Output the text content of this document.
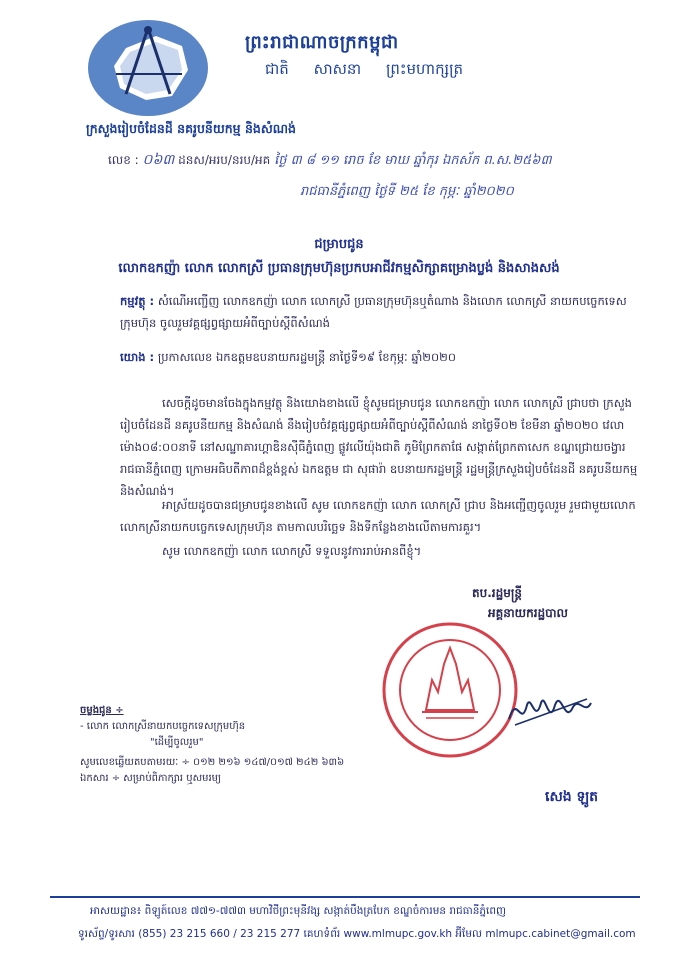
ព្រះរាជាណាចក្រកម្ពុជា
ជាតិ សាសនា ព្រះមហាក្សត្រ
ក្រសួងរៀបចំដែនដី នគរូបនីយកម្ម និងសំណង់
លេខ : ០៦៣ ដនស/អរប/នរប/អគ ថ្ងៃ ៣ ៨ ១១ រោច ខែ មាឃ ឆ្នាំកុរ ឯកស័ក ព.ស.២៥៦៣
រាជធានីភ្នំពេញ ថ្ងៃទី ២៥ ខែ កុម្ភៈ ឆ្នាំ២០២០
ជម្រាបជូន
លោកឧកញ៉ា លោក លោកស្រី ប្រធានក្រុមហ៊ុនប្រកបអាជីវកម្មសិក្សាគម្រោងប្លង់ និងសាងសង់
កម្មវត្ថុ : សំណើអញ្ជើញ លោកឧកញ៉ា លោក លោកស្រី ប្រធានក្រុមហ៊ុនឬតំណាង និងលោក លោកស្រី នាយកបច្ចេកទេសក្រុមហ៊ុន ចូលរួមវគ្គផ្សព្វផ្សាយអំពីច្បាប់ស្ដីពីសំណង់
យោង : ប្រកាសលេខ ឯកឧត្តមឧបនាយករដ្ឋមន្ត្រី នាថ្ងៃទី១៩ ខែកុម្ភៈ ឆ្នាំ២០២០
សេចក្ដីដូចមានចែងក្នុងកម្មវត្ថុ និងយោងខាងលើ ខ្ញុំសូមជម្រាបជូន លោកឧកញ៉ា លោក លោកស្រី ជ្រាបថា ក្រសួងរៀបចំដែនដី នគរូបនីយកម្ម និងសំណង់ នឹងរៀបចំវគ្គផ្សព្វផ្សាយអំពីច្បាប់ស្ដីពីសំណង់ នាថ្ងៃទី០២ ខែមីនា ឆ្នាំ២០២០ វេលាម៉ោង០៨:០០នាទី នៅសណ្ឋាគារហ្គាឌិនស៊ីធីភ្នំពេញ ផ្លូវលើយ៉ុងជាតិ ភូមិព្រែកតាផែ សង្កាត់ព្រែកតាសេក ខណ្ឌជ្រោយចង្វារ រាជធានីភ្នំពេញ ក្រោមអធិបតីភាពដ៏ខ្ពង់ខ្ពស់ ឯកឧត្តម ជា សុផារ៉ា ឧបនាយករដ្ឋមន្ត្រី រដ្ឋមន្ត្រីក្រសួងរៀបចំដែនដី នគរូបនីយកម្ម និងសំណង់។
អាស្រ័យដូចបានជម្រាបជូនខាងលើ សូម លោកឧកញ៉ា លោក លោកស្រី ជ្រាប និងអញ្ជើញចូលរួម រួមជាមួយលោក លោកស្រីនាយកបច្ចេកទេសក្រុមហ៊ុន តាមកាលបរិច្ឆេទ និងទីកន្លែងខាងលើតាមការគួរ។
សូម លោកឧកញ៉ា លោក លោកស្រី ទទួលនូវការរាប់អានពីខ្ញុំ។
តប.រដ្ឋមន្ត្រី
អគ្គនាយករដ្ឋបាល
សេង ឡូត
ចម្លងជូន ÷
- លោក លោកស្រីនាយកបច្ចេកទេសក្រុមហ៊ុន
"ដើម្បីចូលរួម"
សូមលេខឆ្លើយតបតាមរយៈ ÷ ០១២ ២១៦ ១៤៧/០១៧ ២៤២ ៦៣៦
ឯកសារ ÷ សម្រាប់ពិភាក្សារ ឬសមរម្យ
អាសយដ្ឋាន៖ ពិឡូត៍លេខ ៧៧១-៧៧៣ មហាវិថីព្រះមុនីវង្ស សង្កាត់បឹងត្របែក ខណ្ឌចំការមន រាជធានីភ្នំពេញ
ទូរស័ព្ទ/ទូរសារ (855) 23 215 660 / 23 215 277 គេហទំព័រ www.mlmupc.gov.kh អ៊ីមែល mlmupc.cabinet@gmail.com
